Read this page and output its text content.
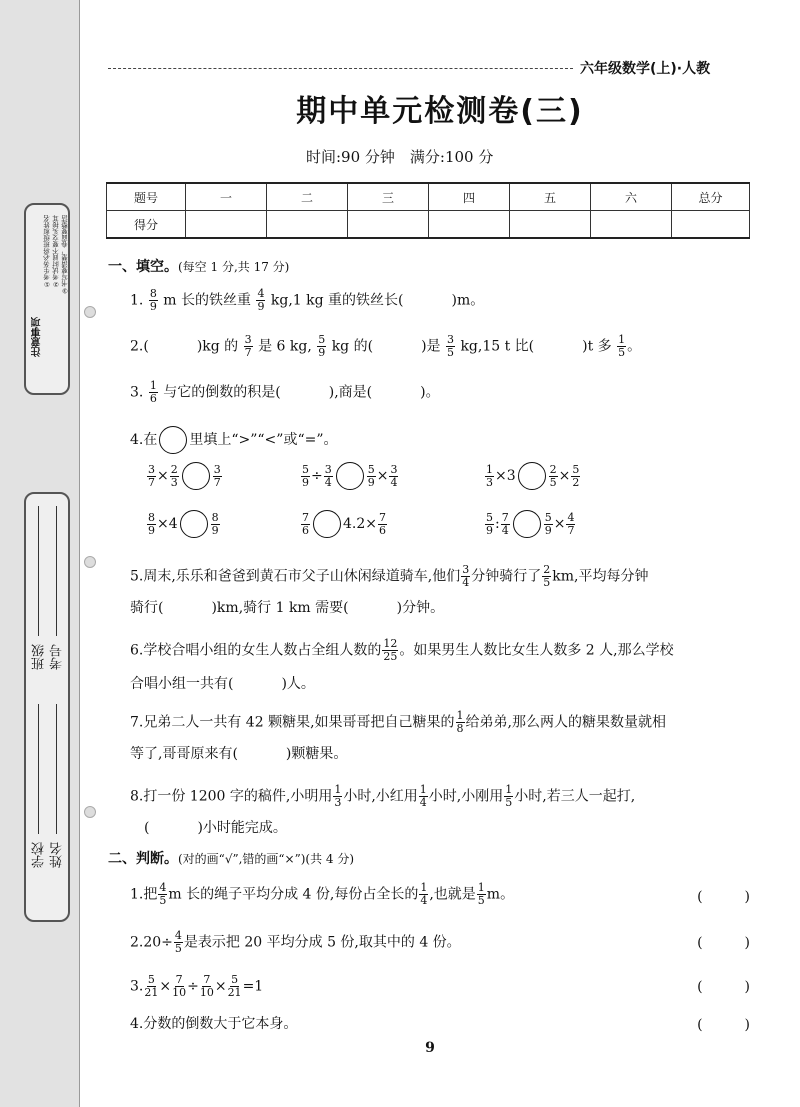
注意事项
①考生务必将班级和姓名 ②考试时间不要交头接耳 ③书写要清楚，卷面要整洁
班级 考号
学校 姓名
六年级数学(上)·人教
期中单元检测卷(三)
时间:90 分钟　满分:100 分
题号	一	二	三	四	五	六	总分
得分							
一、填空。(每空 1 分,共 17 分)
1. $\frac{8}{9}$ m 长的铁丝重 $\frac{4}{9} kg,1$ kg 重的铁丝长(	)m。
2.(	)kg 的 $\frac{3}{7}$ 是 6 kg, $\frac{5}{9}$ kg 的(	)是 $\frac{3}{5} kg,15$ t 比(	)t 多 $\frac{1}{5}$ 。
3. $\frac{1}{6}$ 与它的倒数的积是(	),商是(	)。
4.在 里填上“>”“<”或“=”。
$\frac{3}{7} \times \frac{2}{3}$	$\frac{3}{7}$	$\frac{5}{9} \div \frac{3}{4}$	$\frac{5}{9} \times \frac{3}{4}$	$\frac{1}{3} \times 3$	$\frac{2}{5} \times \frac{5}{2}$
$\frac{8}{9} \times 4$	$\frac{8}{9}$	$\frac{7}{6} 4.2\times \frac{7}{6}$	$\frac{5}{9}$ : $\frac{7}{4}$	$\frac{5}{9} \times \frac{4}{7}$
5.周末,乐乐和爸爸到黄石市父子山休闲绿道骑车,他们 $\frac{3}{4}$ 分钟骑行了 $\frac{2}{5}$ km,平均每分钟
骑行(	)km,骑行 1 km 需要(	)分钟。
6.学校合唱小组的女生人数占全组人数的 $\frac{12}{25}$ 。如果男生人数比女生人数多 2 人,那么学校
合唱小组一共有(	)人。
7.兄弟二人一共有 42 颗糖果,如果哥哥把自己糖果的 $\frac{1}{8}$ 给弟弟,那么两人的糖果数量就相
等了,哥哥原来有(	)颗糖果。
8.打一份 1200 字的稿件,小明用 $\frac{1}{3}$ 小时,小红用 $\frac{1}{4}$ 小时,小刚用 $\frac{1}{5}$ 小时,若三人一起打,
(	)小时能完成。
二、判断。(对的画“√”,错的画“×”)(共 4 分)
1.把 $\frac{4}{5}$ m 长的绳子平均分成 4 份,每份占全长的 $\frac{1}{4}$ ,也就是 $\frac{1}{5}$ m。	(　　　)
$2.20\div \frac{4}{5}$ 是表示把 20 平均分成 5 份,取其中的 4 份。	(　　　)
3. $\frac{5}{21} \times \frac{7}{10} \div \frac{7}{10} \times \frac{5}{21} =1$	(　　　)
4.分数的倒数大于它本身。	(　　　)
9
